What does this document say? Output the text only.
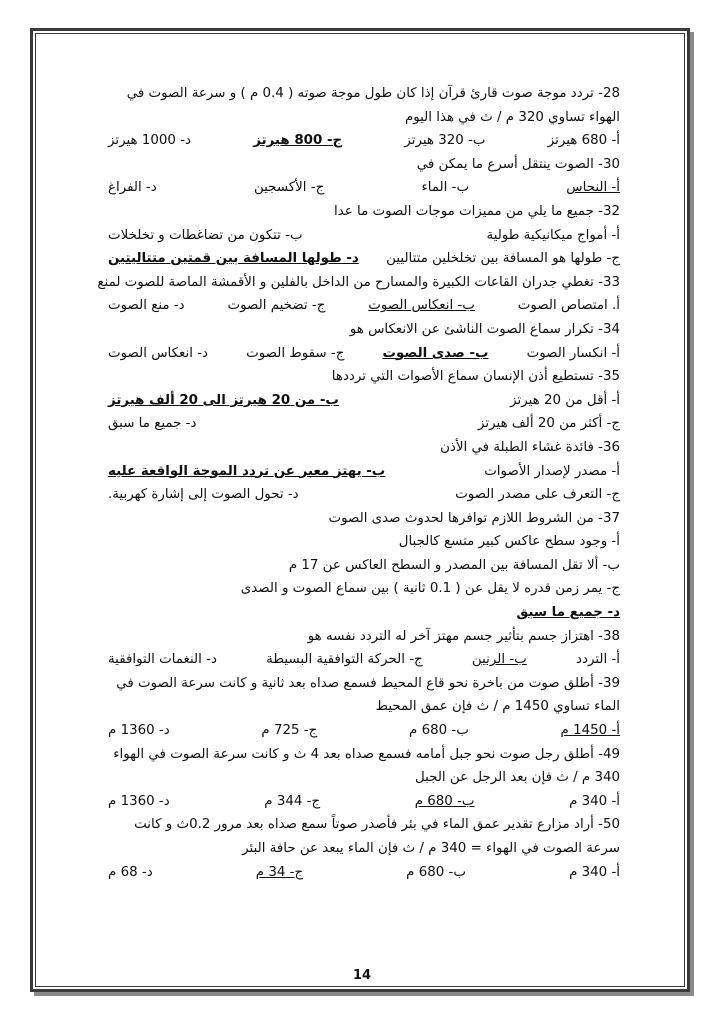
28- تردد موجة صوت قارئ قرآن إذا كان طول موجة صوته ( 0.4 م ) و سرعة الصوت في
الهواء تساوي 320 م / ث في هذا اليوم
أ- 680 هيرتز
ب- 320 هيرتز
ج- 800 هيرتز
د- 1000 هيرتز
30- الصوت ينتقل أسرع ما يمكن في
أ- النحاس
ب- الماء
ج- الأكسجين
د- الفراغ
32- جميع ما يلي من مميزات موجات الصوت ما عدا
أ- أمواج ميكانيكية طولية
ب- تتكون من تضاغطات و تخلخلات
ج- طولها هو المسافة بين تخلخلين متتاليين
د- طولها المسافة بين قمتين متتاليتين
33- تغطي جدران القاعات الكبيرة والمسارح من الداخل بالفلين و الأقمشة الماصة للصوت لمنع
أ. امتصاص الصوت
ب- انعكاس الصوت
ج- تضخيم الصوت
د- منع الصوت
34- تكرار سماع الصوت الناشئ عن الانعكاس هو
أ- انكسار الصوت
ب- صدى الصوت
ج- سقوط الصوت
د- انعكاس الصوت
35- تستطيع أذن الإنسان سماع الأصوات التي ترددها
أ- أقل من 20 هيرتز
ب- من 20 هيرتز الى 20 ألف هيرتز
ج- أكثر من 20 ألف هيرتز
د- جميع ما سبق
36- فائدة غشاء الطبلة في الأذن
أ- مصدر لإصدار الأصوات
ب- يهتز معبر عن تردد الموجة الواقعة عليه
ج- التعرف على مصدر الصوت
د- تحول الصوت إلى إشارة كهربية.
37- من الشروط اللازم توافرها لحدوث صدى الصوت
أ- وجود سطح عاكس كبير متسع كالجبال
ب- ألا تقل المسافة بين المصدر و السطح العاكس عن 17 م
ج- يمر زمن قدره لا يقل عن ( 0.1 ثانية ) بين سماع الصوت و الصدى
د- جميع ما سبق
38- اهتزاز جسم بتأثير جسم مهتز آخر له التردد نفسه هو
أ- التردد
ب- الرنين
ج- الحركة التوافقية البسيطة
د- النغمات التوافقية
39- أطلق صوت من باخرة نحو قاع المحيط فسمع صداه بعد ثانية و كانت سرعة الصوت في
الماء تساوي 1450 م / ث فإن عمق المحيط
أ- 1450 م
ب- 680 م
ج- 725 م
د- 1360 م
49- أطلق رجل صوت نحو جبل أمامه فسمع صداه بعد 4 ث و كانت سرعة الصوت في الهواء
340 م / ث فإن بعد الرجل عن الجبل
أ- 340 م
ب- 680 م
ج- 344 م
د- 1360 م
50- أراد مزارع تقدير عمق الماء في بئر فأصدر صوتاً سمع صداه بعد مرور 0.2ث و كانت
سرعة الصوت في الهواء = 340 م / ث فإن الماء يبعد عن حافة البئر
أ- 340 م
ب- 680 م
ج- 34 م
د- 68 م
14
